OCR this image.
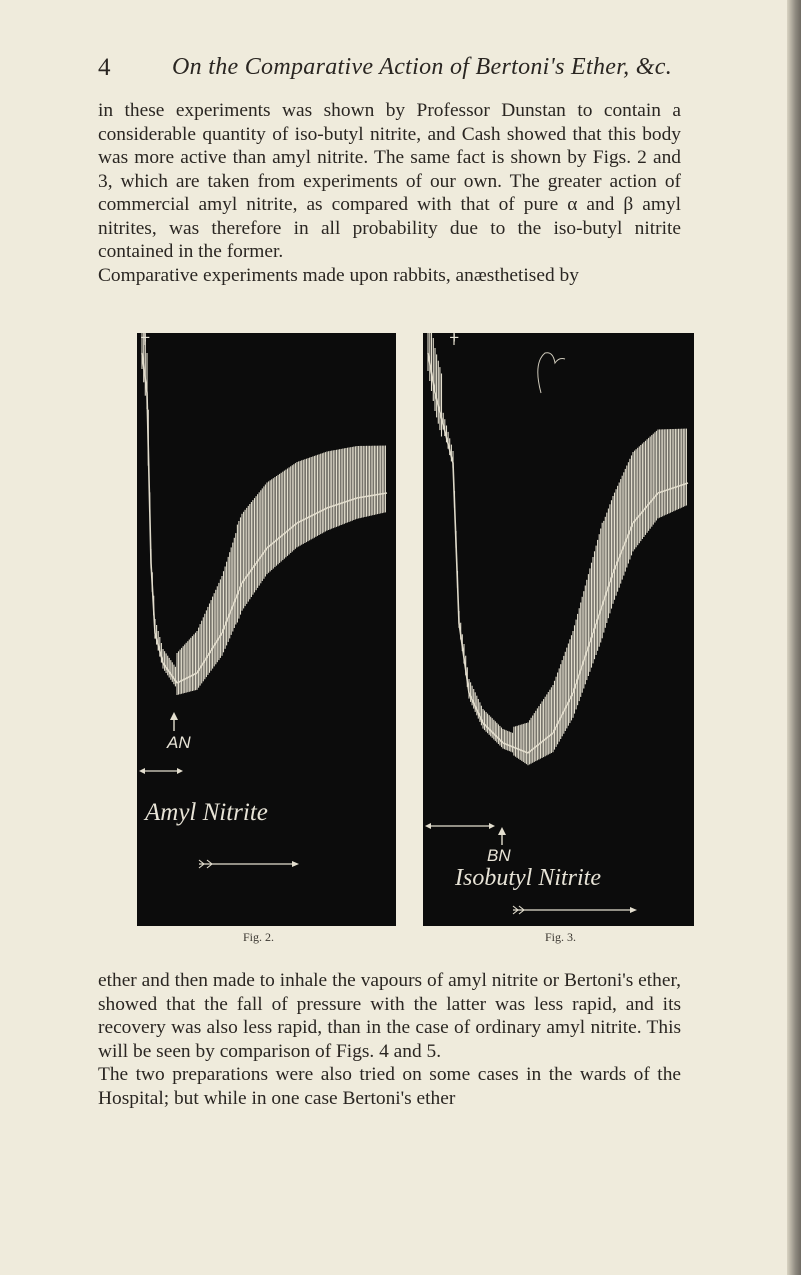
4	On the Comparative Action of Bertoni's Ether, &c.

in these experiments was shown by Professor Dunstan to contain a considerable quantity of iso-butyl nitrite, and Cash showed that this body was more active than amyl nitrite. The same fact is shown by Figs. 2 and 3, which are taken from experiments of our own. The greater action of commercial amyl nitrite, as compared with that of pure α and β amyl nitrites, was therefore in all probability due to the iso-butyl nitrite contained in the former.

Comparative experiments made upon rabbits, anæsthetised by

+
AN
Amyl Nitrite
Fig. 2.
+
BN
Isobutyl Nitrite
Fig. 3.

ether and then made to inhale the vapours of amyl nitrite or Bertoni's ether, showed that the fall of pressure with the latter was less rapid, and its recovery was also less rapid, than in the case of ordinary amyl nitrite. This will be seen by comparison of Figs. 4 and 5.

The two preparations were also tried on some cases in the wards of the Hospital; but while in one case Bertoni's ether
